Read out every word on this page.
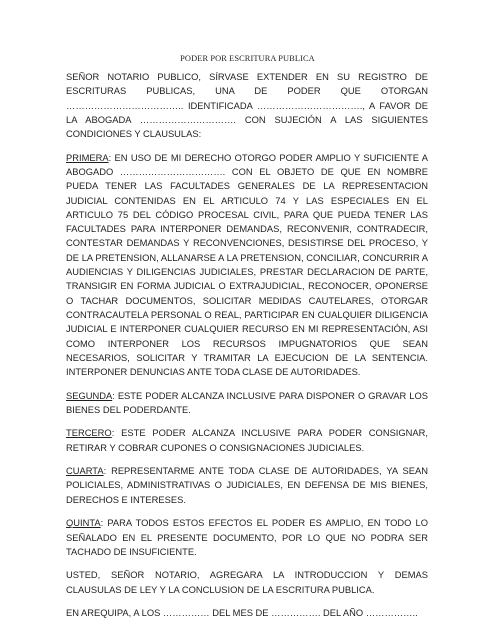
PODER POR ESCRITURA PUBLICA

SEÑOR NOTARIO PUBLICO, SÍRVASE EXTENDER EN SU REGISTRO DE ESCRITURAS PUBLICAS, UNA DE PODER QUE OTORGAN ……………………………….. IDENTIFICADA ……………………………., A FAVOR DE LA ABOGADA …………………………. CON SUJECIÓN A LAS SIGUIENTES CONDICIONES Y CLAUSULAS:

PRIMERA: EN USO DE MI DERECHO OTORGO PODER AMPLIO Y SUFICIENTE A ABOGADO ……………………………. CON EL OBJETO DE QUE EN NOMBRE PUEDA TENER LAS FACULTADES GENERALES DE LA REPRESENTACION JUDICIAL CONTENIDAS EN EL ARTICULO 74 Y LAS ESPECIALES EN EL ARTICULO 75 DEL CÓDIGO PROCESAL CIVIL, PARA QUE PUEDA TENER LAS FACULTADES PARA INTERPONER DEMANDAS, RECONVENIR, CONTRADECIR, CONTESTAR DEMANDAS Y RECONVENCIONES, DESISTIRSE DEL PROCESO, Y DE LA PRETENSION, ALLANARSE A LA PRETENSION, CONCILIAR, CONCURRIR A AUDIENCIAS Y DILIGENCIAS JUDICIALES, PRESTAR DECLARACION DE PARTE, TRANSIGIR EN FORMA JUDICIAL O EXTRAJUDICIAL, RECONOCER, OPONERSE O TACHAR DOCUMENTOS, SOLICITAR MEDIDAS CAUTELARES, OTORGAR CONTRACAUTELA PERSONAL O REAL, PARTICIPAR EN CUALQUIER DILIGENCIA JUDICIAL E INTERPONER CUALQUIER RECURSO EN MI REPRESENTACIÓN, ASI COMO INTERPONER LOS RECURSOS IMPUGNATORIOS QUE SEAN NECESARIOS, SOLICITAR Y TRAMITAR LA EJECUCION DE LA SENTENCIA. INTERPONER DENUNCIAS ANTE TODA CLASE DE AUTORIDADES.

SEGUNDA: ESTE PODER ALCANZA INCLUSIVE PARA DISPONER O GRAVAR LOS BIENES DEL PODERDANTE.

TERCERO: ESTE PODER ALCANZA INCLUSIVE PARA PODER CONSIGNAR, RETIRAR Y COBRAR CUPONES O CONSIGNACIONES JUDICIALES.

CUARTA: REPRESENTARME ANTE TODA CLASE DE AUTORIDADES, YA SEAN POLICIALES, ADMINISTRATIVAS O JUDICIALES, EN DEFENSA DE MIS BIENES, DERECHOS E INTERESES.

QUINTA: PARA TODOS ESTOS EFECTOS EL PODER ES AMPLIO, EN TODO LO SEÑALADO EN EL PRESENTE DOCUMENTO, POR LO QUE NO PODRA SER TACHADO DE INSUFICIENTE.

USTED, SEÑOR NOTARIO, AGREGARA LA INTRODUCCION Y DEMAS CLAUSULAS DE LEY Y LA CONCLUSION DE LA ESCRITURA PUBLICA.

EN AREQUIPA, A LOS …………… DEL MES DE ……………. DEL AÑO ……………..
